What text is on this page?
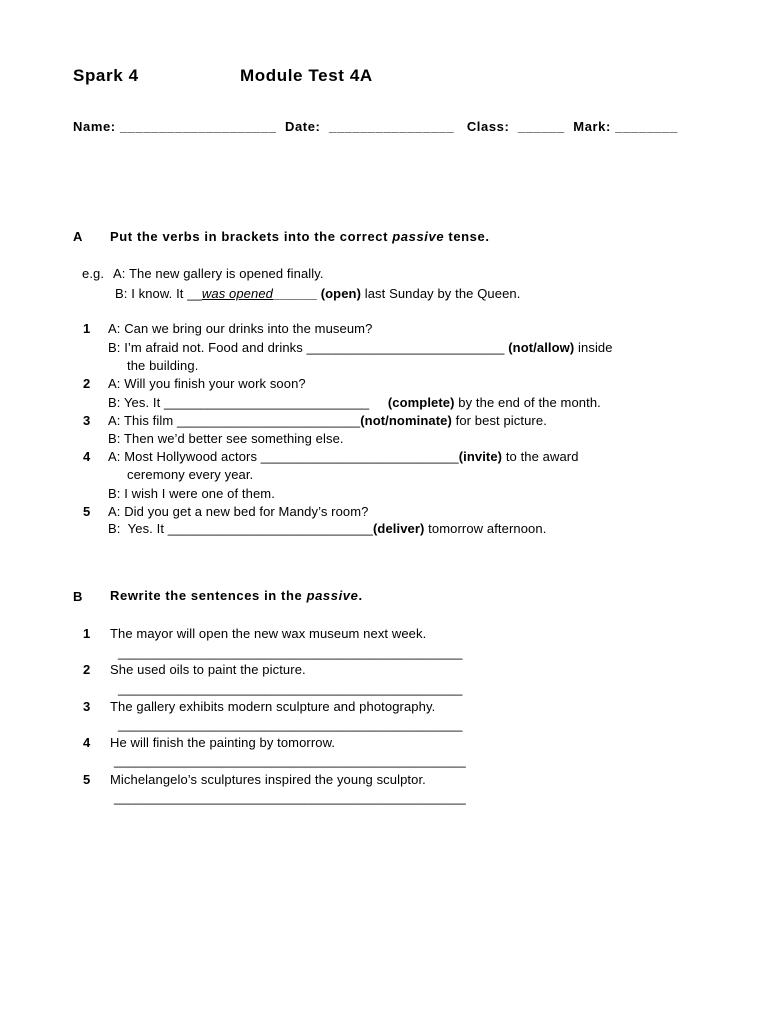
Spark 4	Module Test 4A
Name: ____________________  Date:  ________________   Class:  ______  Mark: ________
A Put the verbs in brackets into the correct passive tense.
e.g. A: The new gallery is opened finally.
B: I know. It __was opened______ (open) last Sunday by the Queen.
1 A: Can we bring our drinks into the museum?
B: I’m afraid not. Food and drinks ___________________________ (not/allow) inside
the building.
2 A: Will you finish your work soon?
B: Yes. It ____________________________     (complete) by the end of the month.
3 A: This film _________________________(not/nominate) for best picture.
B: Then we’d better see something else.
4 A: Most Hollywood actors ___________________________(invite) to the award
ceremony every year.
B: I wish I were one of them.
5 A: Did you get a new bed for Mandy’s room?
B:  Yes. It ____________________________(deliver) tomorrow afternoon.
B Rewrite the sentences in the passive.
1 The mayor will open the new wax museum next week.
_______________________________________________
2 She used oils to paint the picture.
_______________________________________________
3 The gallery exhibits modern sculpture and photography.
_______________________________________________
4 He will finish the painting by tomorrow.
________________________________________________
5 Michelangelo’s sculptures inspired the young sculptor.
________________________________________________
